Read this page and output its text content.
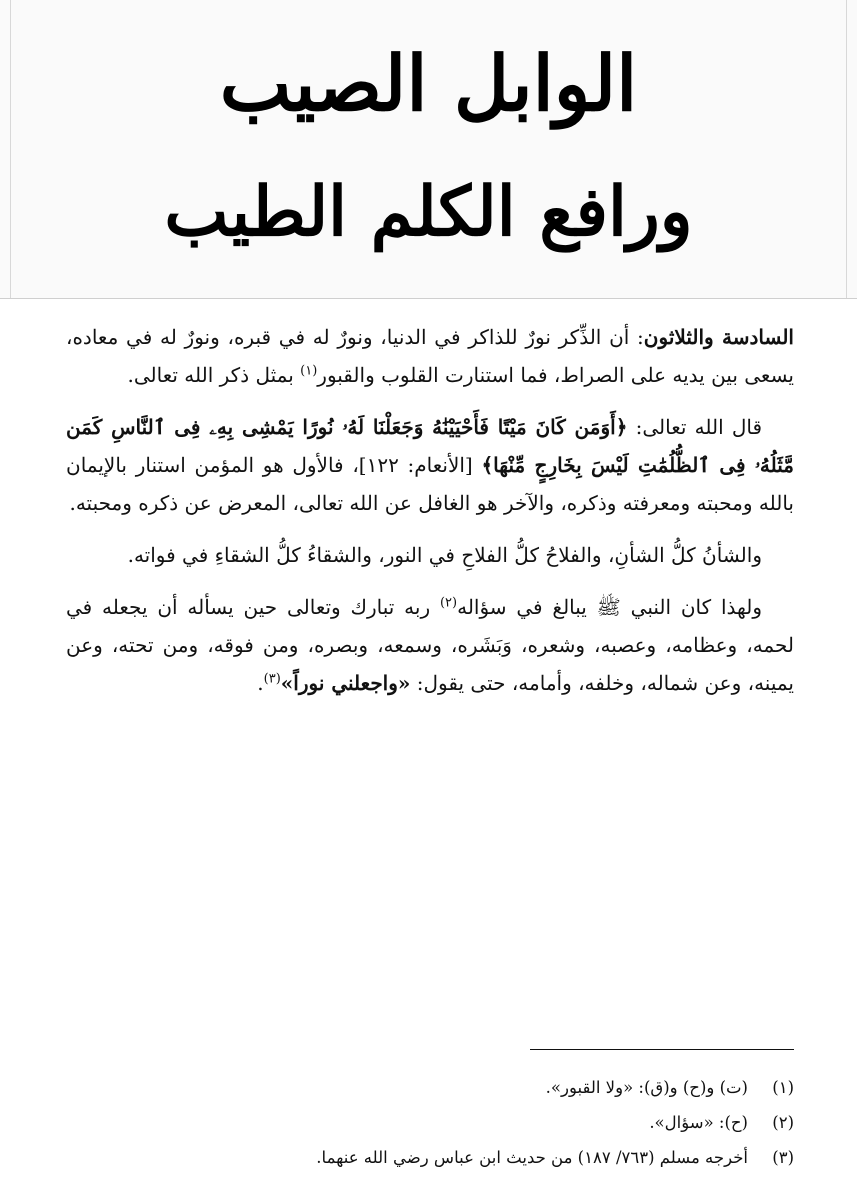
الوابل الصيب
ورافع الكلم الطيب

السادسة والثلاثون: أن الذِّكر نورٌ للذاكر في الدنيا، ونورٌ له في قبره، ونورٌ له في معاده، يسعى بين يديه على الصراط، فما استنارت القلوب والقبور$^{(١)}$ بمثل ذكر الله تعالى.

قال الله تعالى: ﴿أَوَمَن كَانَ مَيْتًا فَأَحْيَيْنَٰهُ وَجَعَلْنَا لَهُۥ نُورًا يَمْشِى بِهِۦ فِى ٱلنَّاسِ كَمَن مَّثَلُهُۥ فِى ٱلظُّلُمَٰتِ لَيْسَ بِخَارِجٍ مِّنْهَا﴾ [الأنعام: ١٢٢]، فالأول هو المؤمن استنار بالإيمان بالله ومحبته ومعرفته وذكره، والآخر هو الغافل عن الله تعالى، المعرض عن ذكره ومحبته.

والشأنُ كلُّ الشأنِ، والفلاحُ كلُّ الفلاحِ في النور، والشقاءُ كلُّ الشقاءِ في فواته.

ولهذا كان النبي ﷺ يبالغ في سؤاله$^{(٢)}$ ربه تبارك وتعالى حين يسأله أن يجعله في لحمه، وعظامه، وعصبه، وشعره، وَبَشَره، وسمعه، وبصره، ومن فوقه، ومن تحته، وعن يمينه، وعن شماله، وخلفه، وأمامه، حتى يقول: «واجعلني نوراً»$^{(٣)}$.

(١)
(ت) و(ح) و(ق): «ولا القبور».
(٢)
(ح): «سؤال».
(٣)
أخرجه مسلم (٧٦٣/ ١٨٧) من حديث ابن عباس رضي الله عنهما.
